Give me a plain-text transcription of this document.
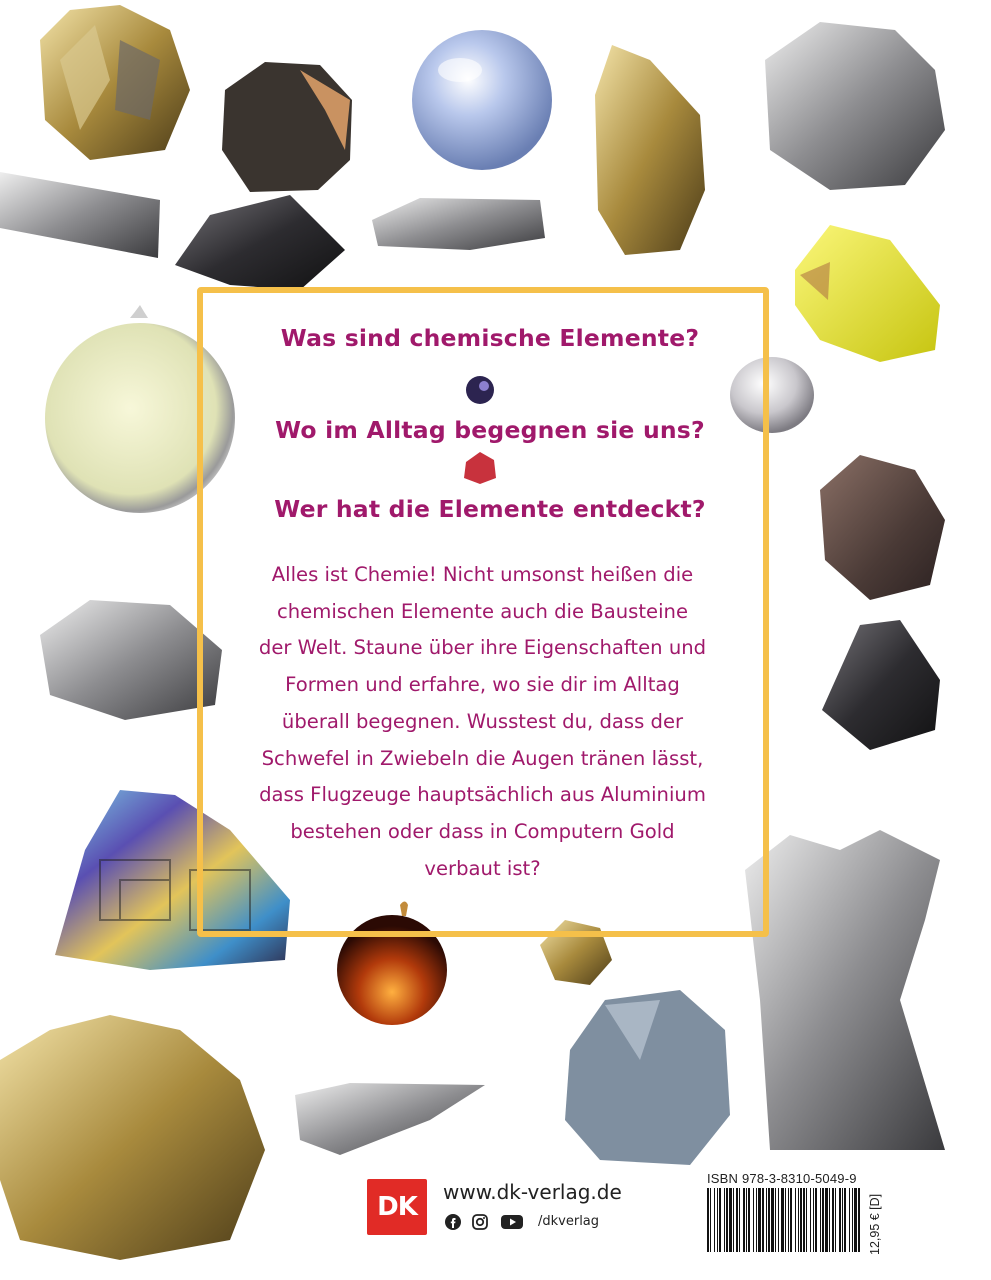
Was sind chemische Elemente?
Wo im Alltag begegnen sie uns?
Wer hat die Elemente entdeckt?
Alles ist Chemie! Nicht umsonst heißen die
chemischen Elemente auch die Bausteine
der Welt. Staune über ihre Eigenschaften und
Formen und erfahre, wo sie dir im Alltag
überall begegnen. Wusstest du, dass der
Schwefel in Zwiebeln die Augen tränen lässt,
dass Flugzeuge hauptsächlich aus Aluminium
bestehen oder dass in Computern Gold
verbaut ist?
DK	www.dk-verlag.de
/dkverlag
ISBN 978-3-8310-5049-9
12,95 € [D]
